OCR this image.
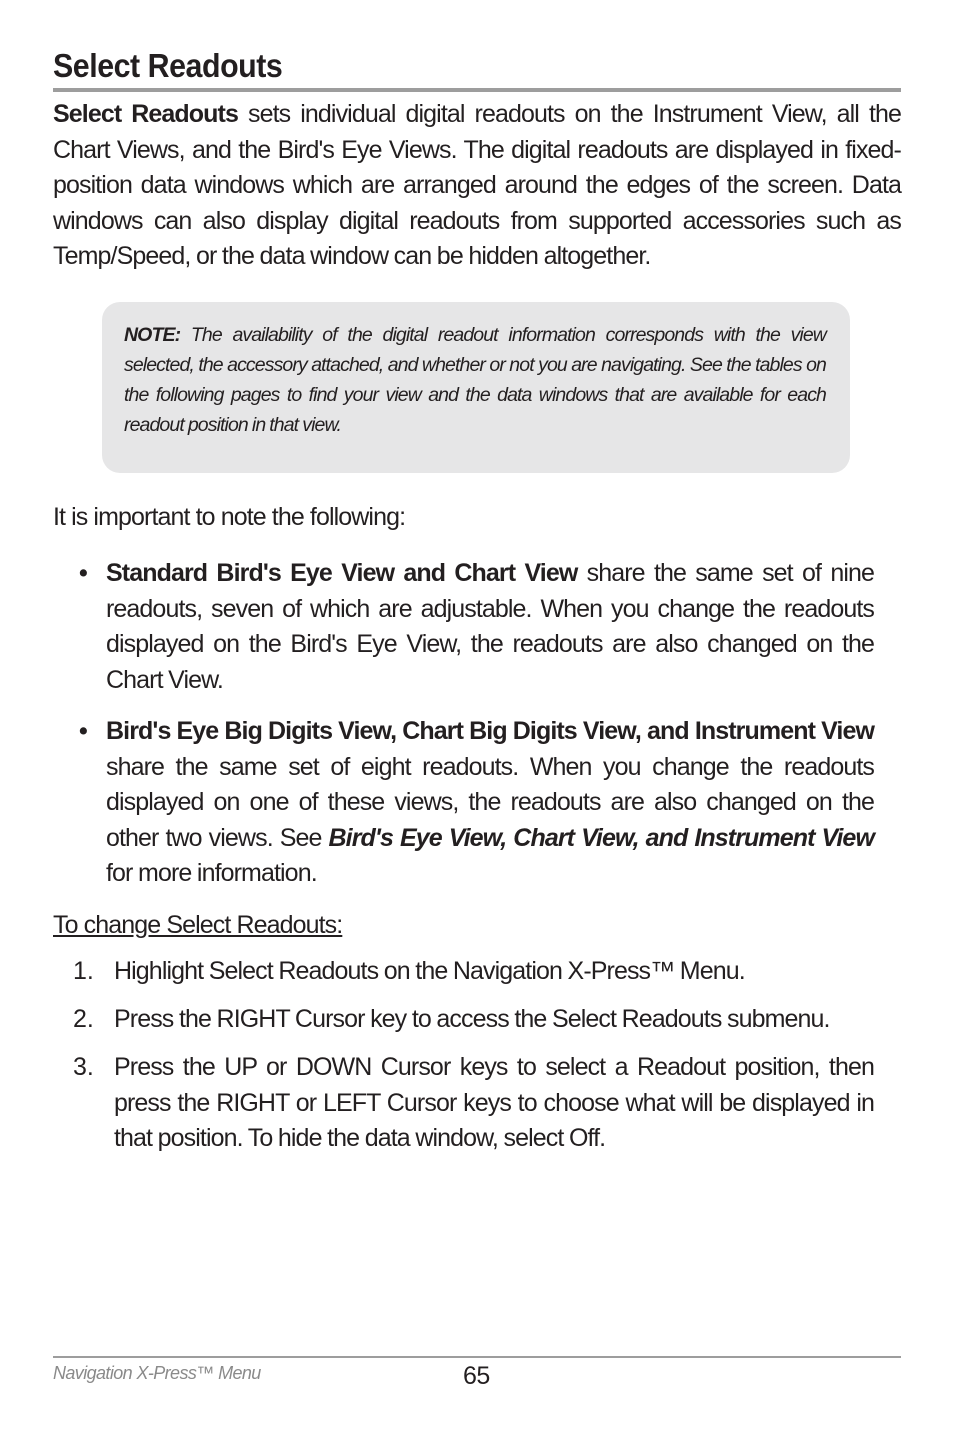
Select Readouts

Select Readouts sets individual digital readouts on the Instrument View, all the Chart Views, and the Bird's Eye Views. The digital readouts are displayed in fixed-position data windows which are arranged around the edges of the screen. Data windows can also display digital readouts from supported accessories such as Temp/Speed, or the data window can be hidden altogether.

NOTE: The availability of the digital readout information corresponds with the view selected, the accessory attached, and whether or not you are navigating. See the tables on the following pages to find your view and the data windows that are available for each readout position in that view.

It is important to note the following:

• Standard Bird's Eye View and Chart View share the same set of nine readouts, seven of which are adjustable. When you change the readouts displayed on the Bird's Eye View, the readouts are also changed on the Chart View.

• Bird's Eye Big Digits View, Chart Big Digits View, and Instrument View share the same set of eight readouts. When you change the readouts displayed on one of these views, the readouts are also changed on the other two views. See Bird's Eye View, Chart View, and Instrument View for more information.

To change Select Readouts:

1. Highlight Select Readouts on the Navigation X-Press™ Menu.

2. Press the RIGHT Cursor key to access the Select Readouts submenu.

3. Press the UP or DOWN Cursor keys to select a Readout position, then press the RIGHT or LEFT Cursor keys to choose what will be displayed in that position. To hide the data window, select Off.

Navigation X-Press™ Menu	65
